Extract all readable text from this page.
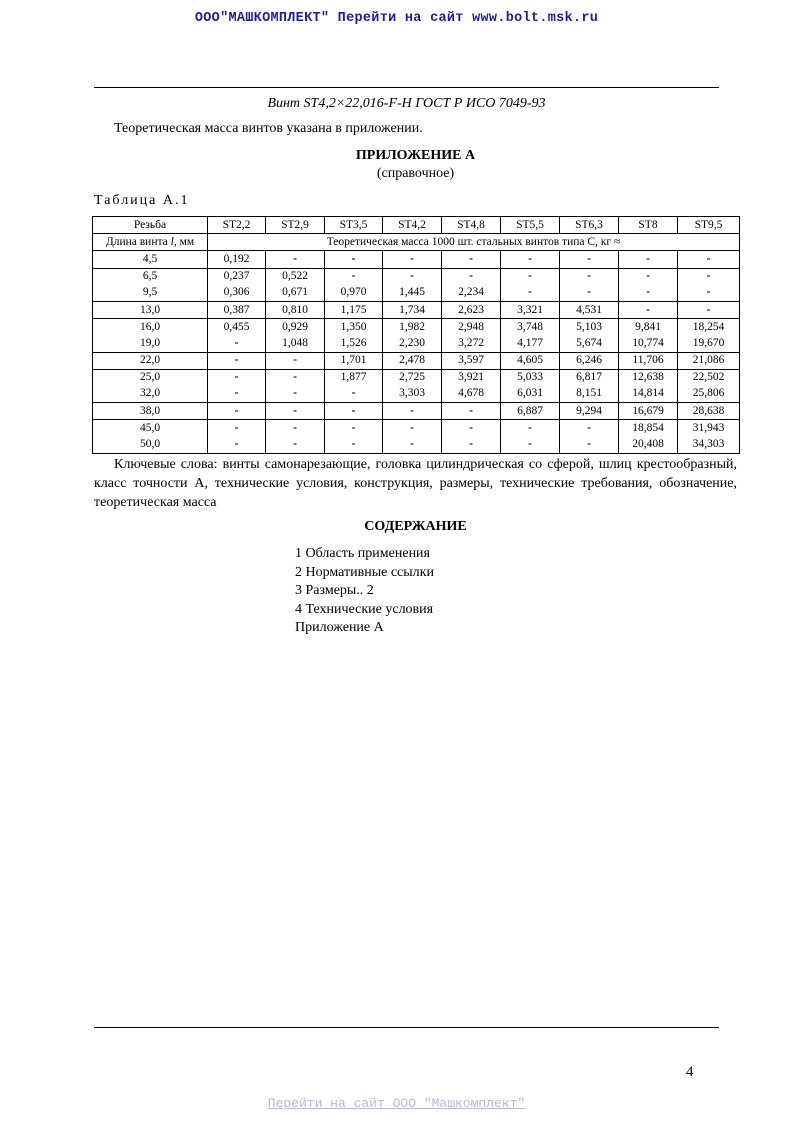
ООО"МАШКОМПЛЕКТ" Перейти на сайт www.bolt.msk.ru
Винт ST4,2×22,016-F-H ГОСТ Р ИСО 7049-93
Теоретическая масса винтов указана в приложении.
ПРИЛОЖЕНИЕ А
(справочное)
Таблица А.1
Резьба	ST2,2	ST2,9	ST3,5	ST4,2	ST4,8	ST5,5	ST6,3	ST8	ST9,5
Длина винта l, мм	Теоретическая масса 1000 шт. стальных винтов типа С, кг ≈								
4,5	0,192	-	-	-	-	-	-	-	-
6,5	0,237	0,522	-	-	-	-	-	-	-
9,5	0,306	0,671	0,970	1,445	2,234	-	-	-	-
13,0	0,387	0,810	1,175	1,734	2,623	3,321	4,531	-	-
16,0	0,455	0,929	1,350	1,982	2,948	3,748	5,103	9,841	18,254
19,0	-	1,048	1,526	2,230	3,272	4,177	5,674	10,774	19,670
22,0	-	-	1,701	2,478	3,597	4,605	6,246	11,706	21,086
25,0	-	-	1,877	2,725	3,921	5,033	6,817	12,638	22,502
32,0	-	-	-	3,303	4,678	6,031	8,151	14,814	25,806
38,0	-	-	-	-	-	6,887	9,294	16,679	28,638
45,0	-	-	-	-	-	-	-	18,854	31,943
50,0	-	-	-	-	-	-	-	20,408	34,303
Ключевые слова: винты самонарезающие, головка цилиндрическая со сферой, шлиц крестообразный, класс точности А, технические условия, конструкция, размеры, технические требования, обозначение, теоретическая масса
СОДЕРЖАНИЕ
1 Область применения
2 Нормативные ссылки
3 Размеры.. 2
4 Технические условия
Приложение А
4
Перейти на сайт ООО "Машкомплект"
